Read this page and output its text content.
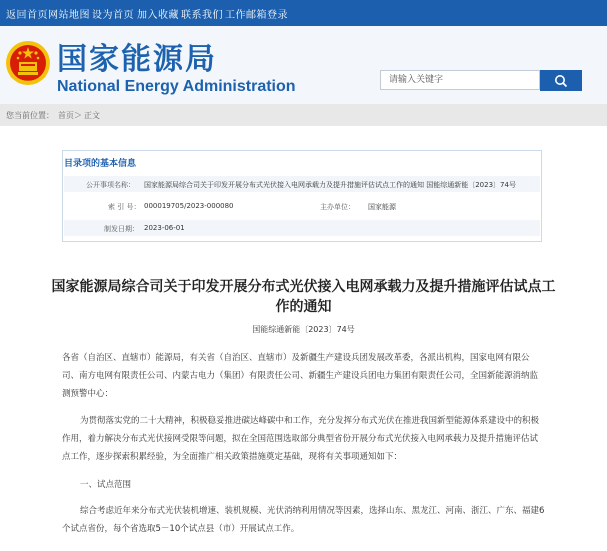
返回首页 网站地图 设为首页 加入收藏 联系我们 工作邮箱登录
国家能源局
National Energy Administration	请输入关键字
您当前位置： 首页 ＞ 正文
目录项的基本信息
公开事项名称： 国家能源局综合司关于印发开展分布式光伏接入电网承载力及提升措施评估试点工作的通知 国能综通新能〔2023〕74号
索 引 号： 000019705/2023-000080	主办单位： 国家能源
制发日期： 2023-06-01
国家能源局综合司关于印发开展分布式光伏接入电网承载力及提升措施评估试点工
作的通知
国能综通新能〔2023〕74号
各省（自治区、直辖市）能源局，有关省（自治区、直辖市）及新疆生产建设兵团发展改革委，各派出机构，国家电网有限公
司、南方电网有限责任公司、内蒙古电力（集团）有限责任公司、新疆生产建设兵团电力集团有限责任公司，全国新能源消纳监
测预警中心：
为贯彻落实党的二十大精神，积极稳妥推进碳达峰碳中和工作，充分发挥分布式光伏在推进我国新型能源体系建设中的积极
作用，着力解决分布式光伏接网受限等问题，拟在全国范围选取部分典型省份开展分布式光伏接入电网承载力及提升措施评估试
点工作，逐步探索积累经验，为全面推广相关政策措施奠定基础，现将有关事项通知如下：
一、试点范围
综合考虑近年来分布式光伏装机增速、装机规模、光伏消纳利用情况等因素，选择山东、黑龙江、河南、浙江、广东、福建6
个试点省份，每个省选取5－10个试点县（市）开展试点工作。
